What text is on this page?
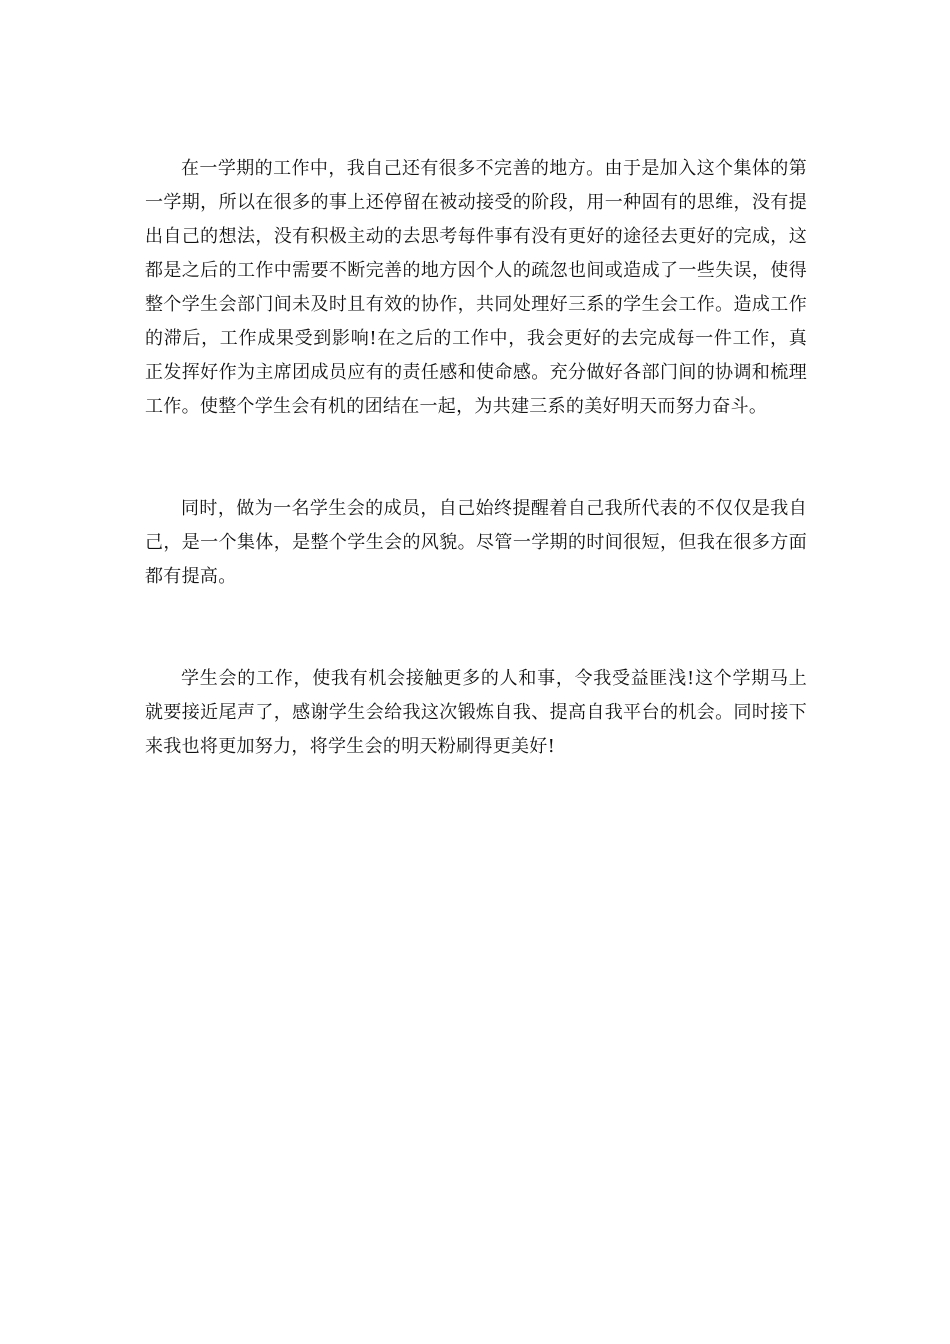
在一学期的工作中，我自己还有很多不完善的地方。由于是加入这个集体的第一学期，所以在很多的事上还停留在被动接受的阶段，用一种固有的思维，没有提出自己的想法，没有积极主动的去思考每件事有没有更好的途径去更好的完成，这都是之后的工作中需要不断完善的地方因个人的疏忽也间或造成了一些失误，使得整个学生会部门间未及时且有效的协作，共同处理好三系的学生会工作。造成工作的滞后，工作成果受到影响!在之后的工作中，我会更好的去完成每一件工作，真正发挥好作为主席团成员应有的责任感和使命感。充分做好各部门间的协调和梳理工作。使整个学生会有机的团结在一起，为共建三系的美好明天而努力奋斗。

同时，做为一名学生会的成员，自己始终提醒着自己我所代表的不仅仅是我自己，是一个集体，是整个学生会的风貌。尽管一学期的时间很短，但我在很多方面都有提高。

学生会的工作，使我有机会接触更多的人和事，令我受益匪浅!这个学期马上就要接近尾声了，感谢学生会给我这次锻炼自我、提高自我平台的机会。同时接下来我也将更加努力，将学生会的明天粉刷得更美好!
